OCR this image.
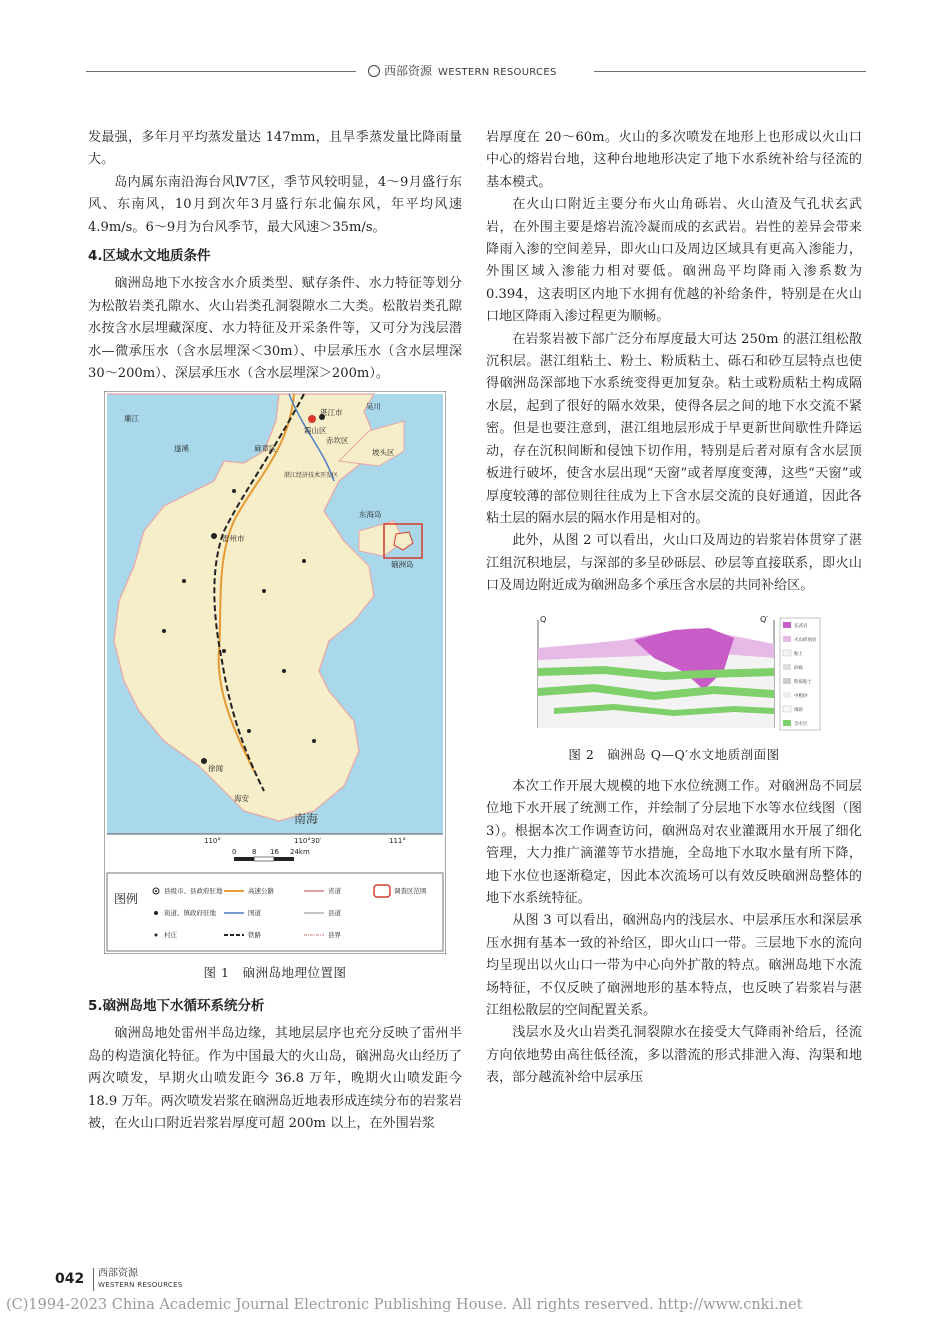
西部资源 WESTERN RESOURCES

发最强，多年月平均蒸发量达 147mm，且旱季蒸发量比降雨量大。

岛内属东南沿海台风Ⅳ7区，季节风较明显，4～9月盛行东风、东南风，10月到次年3月盛行东北偏东风，年平均风速 4.9m/s。6～9月为台风季节，最大风速＞35m/s。

4.区域水文地质条件

硇洲岛地下水按含水介质类型、赋存条件、水力特征等划分为松散岩类孔隙水、火山岩类孔洞裂隙水二大类。松散岩类孔隙水按含水层埋藏深度、水力特征及开采条件等，又可分为浅层潜水—微承压水（含水层埋深＜30m）、中层承压水（含水层埋深 30～200m）、深层承压水（含水层埋深＞200m）。

湛江市
霞山区
麻章区
东海岛
硇洲岛
雷州市
徐闻
海安
遂溪
廉江
吴川
赤坎区
坡头区
湛江经济技术开发区
南海
110°	110°30′	111°
0 8 16 24km
图例
县级市、县政府驻地	高速公路	省道	调查区范围
街道、镇政府驻地	国道	县道
村庄	铁路	县界
图 1　硇洲岛地理位置图
5.硇洲岛地下水循环系统分析

硇洲岛地处雷州半岛边缘，其地层层序也充分反映了雷州半岛的构造演化特征。作为中国最大的火山岛，硇洲岛火山经历了两次喷发，早期火山喷发距今 36.8 万年，晚期火山喷发距今 18.9 万年。两次喷发岩浆在硇洲岛近地表形成连续分布的岩浆岩被，在火山口附近岩浆岩厚度可超 200m 以上，在外围岩浆

岩厚度在 20～60m。火山的多次喷发在地形上也形成以火山口中心的熔岩台地，这种台地地形决定了地下水系统补给与径流的基本模式。

在火山口附近主要分布火山角砾岩、火山渣及气孔状玄武岩，在外围主要是熔岩流冷凝而成的玄武岩。岩性的差异会带来降雨入渗的空间差异，即火山口及周边区域具有更高入渗能力，外围区域入渗能力相对要低。硇洲岛平均降雨入渗系数为 0.394，这表明区内地下水拥有优越的补给条件，特别是在火山口地区降雨入渗过程更为顺畅。

在岩浆岩被下部广泛分布厚度最大可达 250m 的湛江组松散沉积层。湛江组粘土、粉土、粉质粘土、砾石和砂互层特点也使得硇洲岛深部地下水系统变得更加复杂。粘土或粉质粘土构成隔水层，起到了很好的隔水效果，使得各层之间的地下水交流不紧密。但是也要注意到，湛江组地层形成于早更新世间歇性升降运动，存在沉积间断和侵蚀下切作用，特别是后者对原有含水层顶板进行破坏，使含水层出现“天窗”或者厚度变薄，这些“天窗”或厚度较薄的部位则往往成为上下含水层交流的良好通道，因此各粘土层的隔水层的隔水作用是相对的。

此外，从图 2 可以看出，火山口及周边的岩浆岩体贯穿了湛江组沉积地层，与深部的多呈砂砾层、砂层等直接联系，即火山口及周边附近成为硇洲岛多个承压含水层的共同补给区。

Q	Q′
玄武岩
火山碎屑岩
粘土
砂砾
粉质粘土
中粗砂
细砂
含水层
图 2　硇洲岛 Q—Q′水文地质剖面图

本次工作开展大规模的地下水位统测工作。对硇洲岛不同层位地下水开展了统测工作，并绘制了分层地下水等水位线图（图 3）。根据本次工作调查访问，硇洲岛对农业灌溉用水开展了细化管理，大力推广滴灌等节水措施，全岛地下水取水量有所下降，地下水位也逐渐稳定，因此本次流场可以有效反映硇洲岛整体的地下水系统特征。

从图 3 可以看出，硇洲岛内的浅层水、中层承压水和深层承压水拥有基本一致的补给区，即火山口一带。三层地下水的流向均呈现出以火山口一带为中心向外扩散的特点。硇洲岛地下水流场特征，不仅反映了硇洲地形的基本特点，也反映了岩浆岩与湛江组松散层的空间配置关系。

浅层水及火山岩类孔洞裂隙水在接受大气降雨补给后，径流方向依地势由高往低径流，多以潜流的形式排泄入海、沟渠和地表，部分越流补给中层承压

042	西部资源
WESTERN RESOURCES
(C)1994-2023 China Academic Journal Electronic Publishing House. All rights reserved. http://www.cnki.net
